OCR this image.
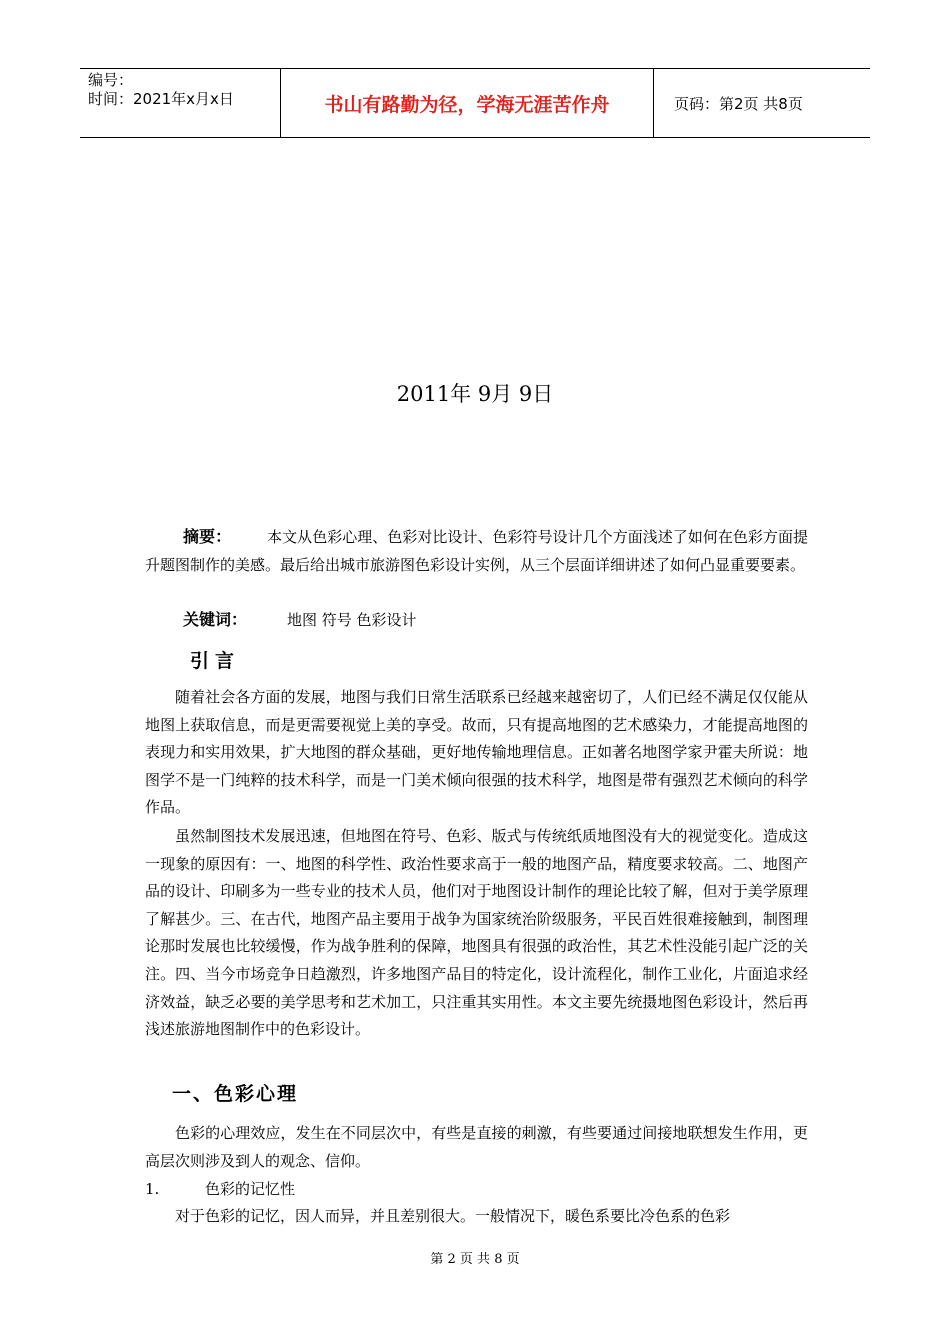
编号：
时间：2021年x月x日	书山有路勤为径，学海无涯苦作舟	页码：第2页 共8页
2011年 9月 9日
摘要： 本文从色彩心理、色彩对比设计、色彩符号设计几个方面浅述了如何在色彩方面提升题图制作的美感。最后给出城市旅游图色彩设计实例，从三个层面详细讲述了如何凸显重要要素。
关键词：	地图 符号 色彩设计
引言
随着社会各方面的发展，地图与我们日常生活联系已经越来越密切了，人们已经不满足仅仅能从地图上获取信息，而是更需要视觉上美的享受。故而，只有提高地图的艺术感染力，才能提高地图的表现力和实用效果，扩大地图的群众基础，更好地传输地理信息。正如著名地图学家尹霍夫所说：地图学不是一门纯粹的技术科学，而是一门美术倾向很强的技术科学，地图是带有强烈艺术倾向的科学作品。
虽然制图技术发展迅速，但地图在符号、色彩、版式与传统纸质地图没有大的视觉变化。造成这一现象的原因有：一、地图的科学性、政治性要求高于一般的地图产品，精度要求较高。二、地图产品的设计、印刷多为一些专业的技术人员，他们对于地图设计制作的理论比较了解，但对于美学原理了解甚少。三、在古代，地图产品主要用于战争为国家统治阶级服务，平民百姓很难接触到，制图理论那时发展也比较缓慢，作为战争胜利的保障，地图具有很强的政治性，其艺术性没能引起广泛的关注。四、当今市场竞争日趋激烈，许多地图产品目的特定化，设计流程化，制作工业化，片面追求经济效益，缺乏必要的美学思考和艺术加工，只注重其实用性。本文主要先统摄地图色彩设计，然后再浅述旅游地图制作中的色彩设计。
一、色彩心理
色彩的心理效应，发生在不同层次中，有些是直接的刺激，有些要通过间接地联想发生作用，更高层次则涉及到人的观念、信仰。
1.	色彩的记忆性
对于色彩的记忆，因人而异，并且差别很大。一般情况下，暖色系要比冷色系的色彩
第 2 页 共 8 页
